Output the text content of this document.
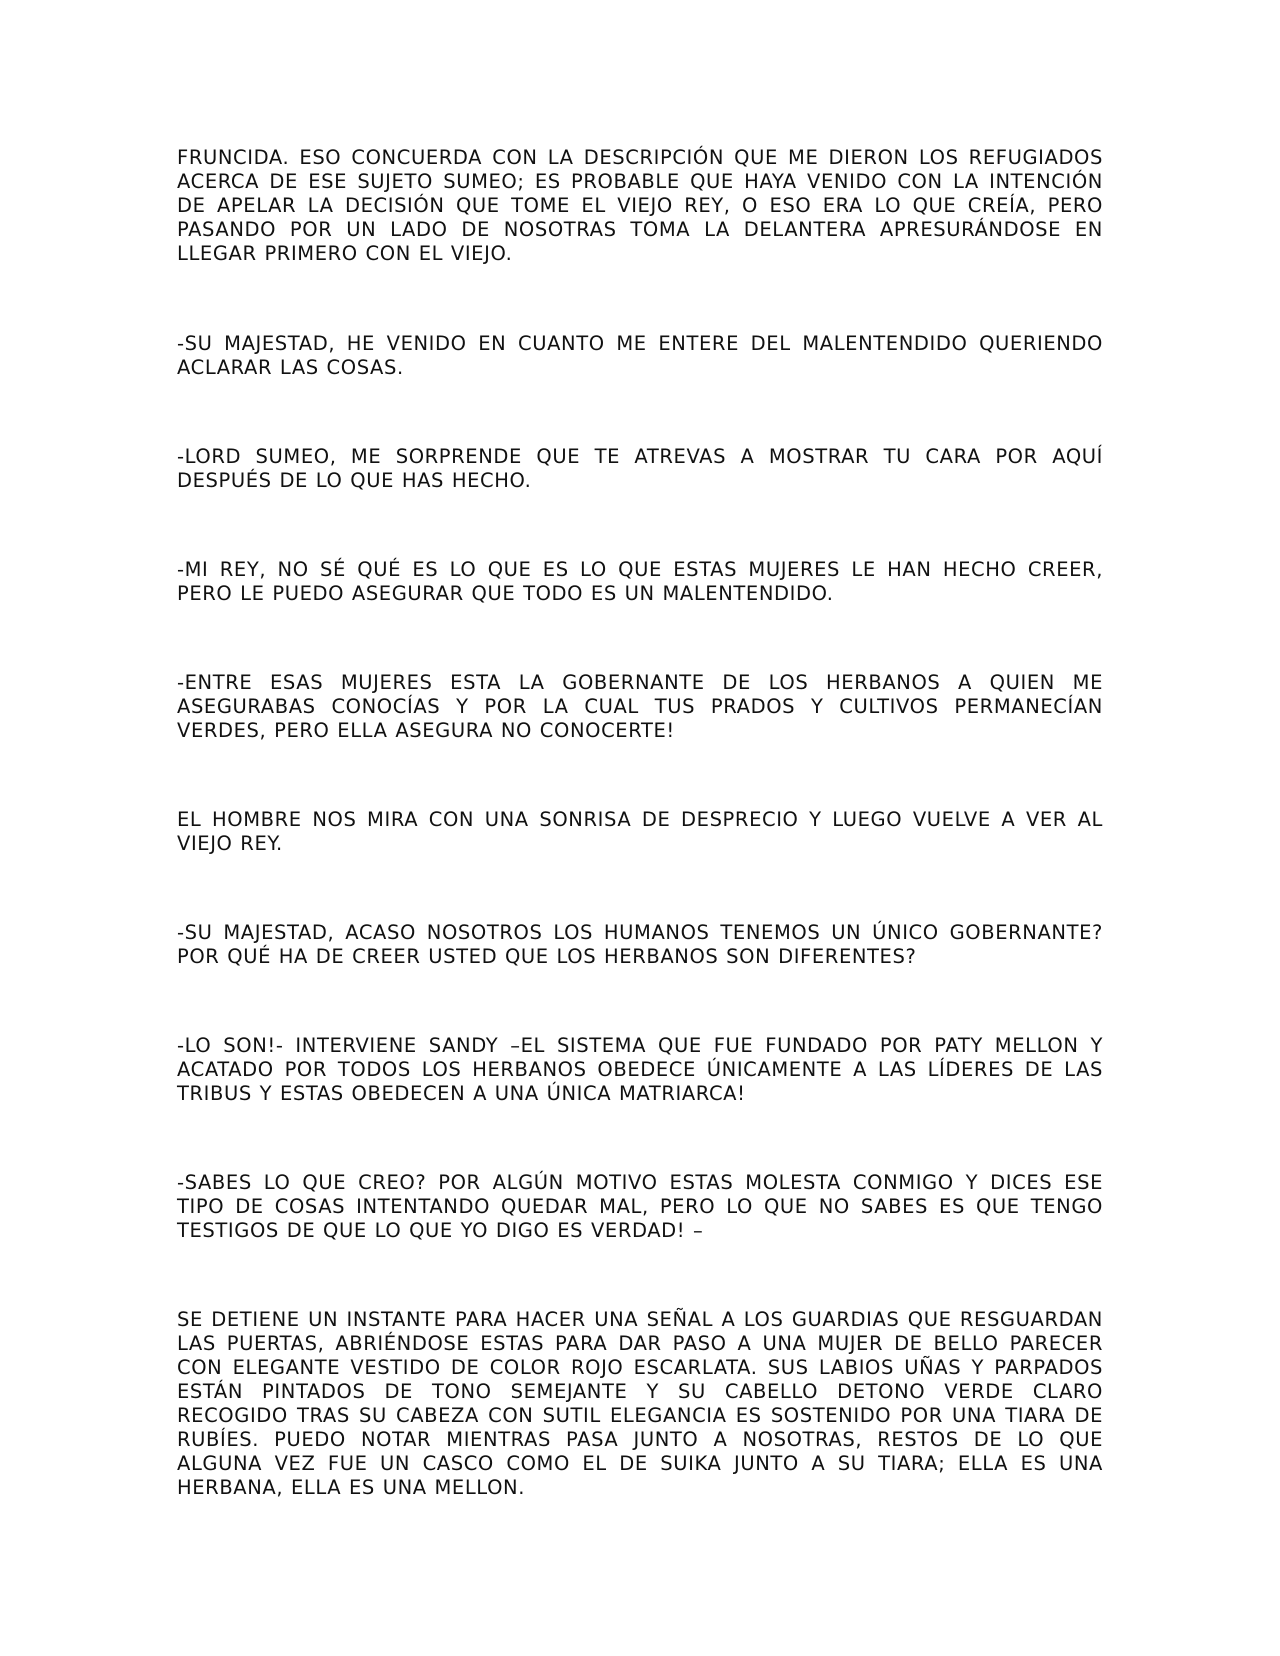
FRUNCIDA. ESO CONCUERDA CON LA DESCRIPCIÓN QUE ME DIERON LOS REFUGIADOS ACERCA DE ESE SUJETO SUMEO; ES PROBABLE QUE HAYA VENIDO CON LA INTENCIÓN DE APELAR LA DECISIÓN QUE TOME EL VIEJO REY, O ESO ERA LO QUE CREÍA, PERO PASANDO POR UN LADO DE NOSOTRAS TOMA LA DELANTERA APRESURÁNDOSE EN LLEGAR PRIMERO CON EL VIEJO.

-SU MAJESTAD, HE VENIDO EN CUANTO ME ENTERE DEL MALENTENDIDO QUERIENDO ACLARAR LAS COSAS.

-LORD SUMEO, ME SORPRENDE QUE TE ATREVAS A MOSTRAR TU CARA POR AQUÍ DESPUÉS DE LO QUE HAS HECHO.

-MI REY, NO SÉ QUÉ ES LO QUE ES LO QUE ESTAS MUJERES LE HAN HECHO CREER, PERO LE PUEDO ASEGURAR QUE TODO ES UN MALENTENDIDO.

-ENTRE ESAS MUJERES ESTA LA GOBERNANTE DE LOS HERBANOS A QUIEN ME ASEGURABAS CONOCÍAS Y POR LA CUAL TUS PRADOS Y CULTIVOS PERMANECÍAN VERDES, PERO ELLA ASEGURA NO CONOCERTE!

EL HOMBRE NOS MIRA CON UNA SONRISA DE DESPRECIO Y LUEGO VUELVE A VER AL VIEJO REY.

-SU MAJESTAD, ACASO NOSOTROS LOS HUMANOS TENEMOS UN ÚNICO GOBERNANTE? POR QUÉ HA DE CREER USTED QUE LOS HERBANOS SON DIFERENTES?

-LO SON!- INTERVIENE SANDY –EL SISTEMA QUE FUE FUNDADO POR PATY MELLON Y ACATADO POR TODOS LOS HERBANOS OBEDECE ÚNICAMENTE A LAS LÍDERES DE LAS TRIBUS Y ESTAS OBEDECEN A UNA ÚNICA MATRIARCA!

-SABES LO QUE CREO? POR ALGÚN MOTIVO ESTAS MOLESTA CONMIGO Y DICES ESE TIPO DE COSAS INTENTANDO QUEDAR MAL, PERO LO QUE NO SABES ES QUE TENGO TESTIGOS DE QUE LO QUE YO DIGO ES VERDAD! –

SE DETIENE UN INSTANTE PARA HACER UNA SEÑAL A LOS GUARDIAS QUE RESGUARDAN LAS PUERTAS, ABRIÉNDOSE ESTAS PARA DAR PASO A UNA MUJER DE BELLO PARECER CON ELEGANTE VESTIDO DE COLOR ROJO ESCARLATA. SUS LABIOS UÑAS Y PARPADOS ESTÁN PINTADOS DE TONO SEMEJANTE Y SU CABELLO DETONO VERDE CLARO RECOGIDO TRAS SU CABEZA CON SUTIL ELEGANCIA ES SOSTENIDO POR UNA TIARA DE RUBÍES. PUEDO NOTAR MIENTRAS PASA JUNTO A NOSOTRAS, RESTOS DE LO QUE ALGUNA VEZ FUE UN CASCO COMO EL DE SUIKA JUNTO A SU TIARA; ELLA ES UNA HERBANA, ELLA ES UNA MELLON.
